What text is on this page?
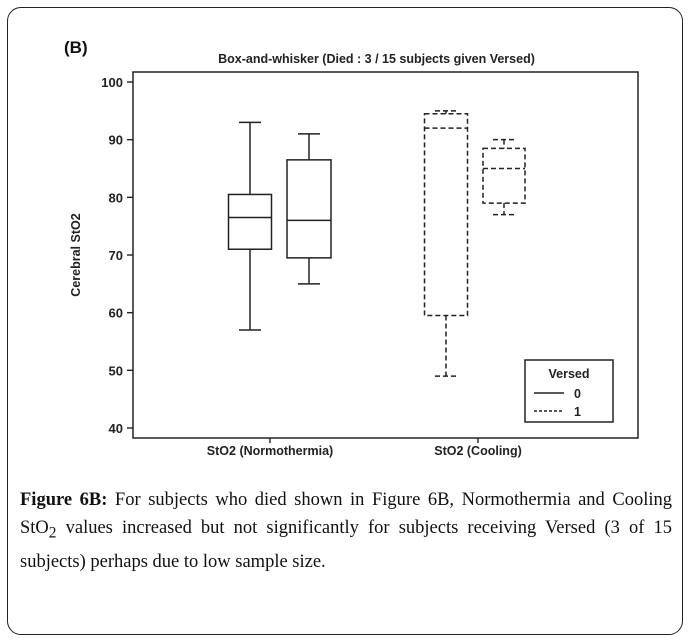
(B)
Box-and-whisker (Died : 3 / 15 subjects given Versed)
40
50
60
70
80
90
100
Cerebral StO2
StO2 (Normothermia)	StO2 (Cooling)
Versed
0
1
Figure 6B: For subjects who died shown in Figure 6B, Normothermia and Cooling StO$_2$ values increased but not significantly for subjects receiving Versed (3 of 15 subjects) perhaps due to low sample size.
